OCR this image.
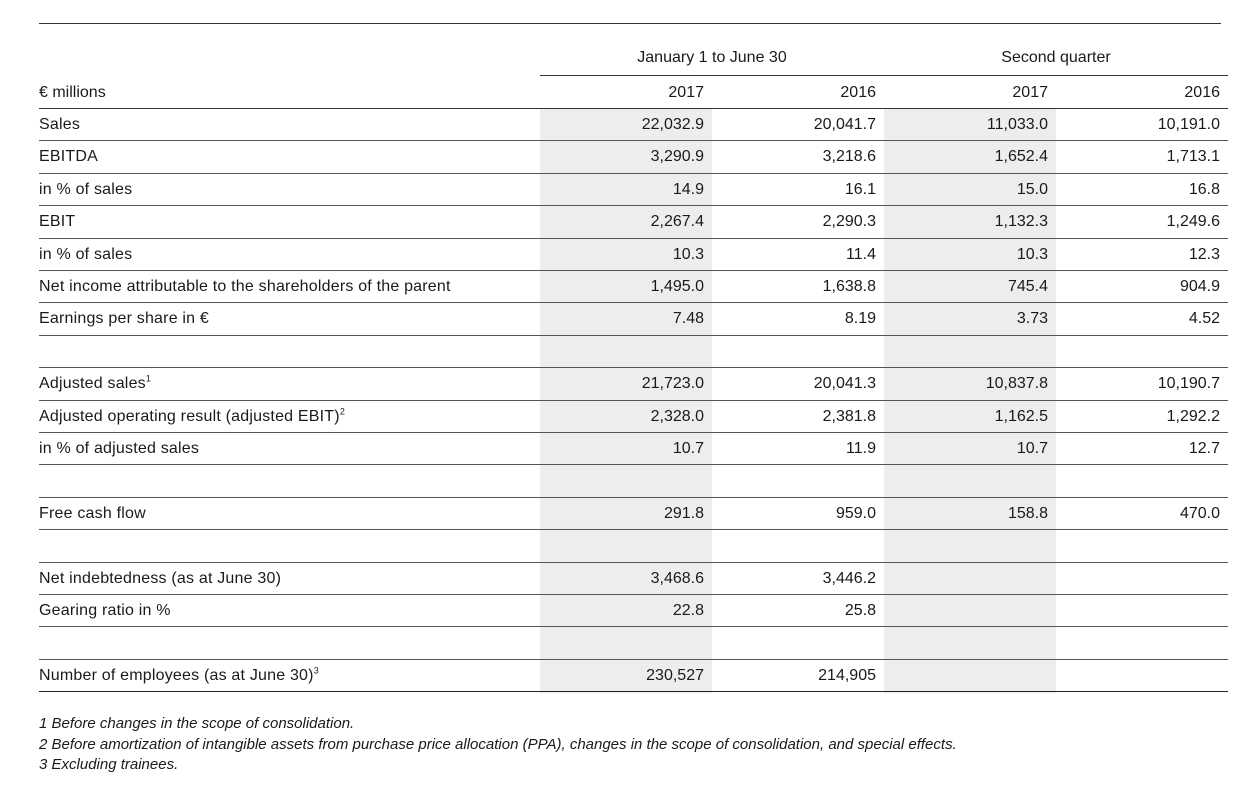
January 1 to June 30	Second quarter
€ millions	2017	2016	2017	2016
Sales	22,032.9	20,041.7	11,033.0	10,191.0
EBITDA	3,290.9	3,218.6	1,652.4	1,713.1
in % of sales	14.9	16.1	15.0	16.8
EBIT	2,267.4	2,290.3	1,132.3	1,249.6
in % of sales	10.3	11.4	10.3	12.3
Net income attributable to the shareholders of the parent	1,495.0	1,638.8	745.4	904.9
Earnings per share in €	7.48	8.19	3.73	4.52
Adjusted sales$^1$	21,723.0	20,041.3	10,837.8	10,190.7
Adjusted operating result (adjusted EBIT)$^2$	2,328.0	2,381.8	1,162.5	1,292.2
in % of adjusted sales	10.7	11.9	10.7	12.7
Free cash flow	291.8	959.0	158.8	470.0
Net indebtedness (as at June 30)	3,468.6	3,446.2
Gearing ratio in %	22.8	25.8
Number of employees (as at June 30)$^3$	230,527	214,905
1 Before changes in the scope of consolidation.
2 Before amortization of intangible assets from purchase price allocation (PPA), changes in the scope of consolidation, and special effects.
3 Excluding trainees.
